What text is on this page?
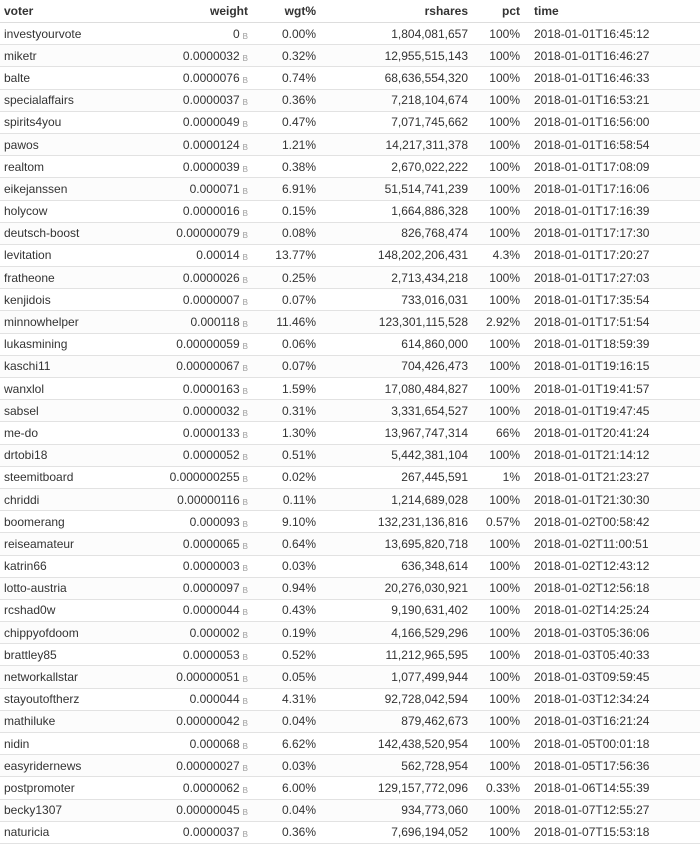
voter	weight		wgt%	rshares	pct	time
investyourvote	0 B		0.00%	1,804,081,657	100%	2018-01-01T16:45:12
miketr	0.0000032 B		0.32%	12,955,515,143	100%	2018-01-01T16:46:27
balte	0.0000076 B		0.74%	68,636,554,320	100%	2018-01-01T16:46:33
specialaffairs	0.0000037 B		0.36%	7,218,104,674	100%	2018-01-01T16:53:21
spirits4you	0.0000049 B		0.47%	7,071,745,662	100%	2018-01-01T16:56:00
pawos	0.0000124 B		1.21%	14,217,311,378	100%	2018-01-01T16:58:54
realtom	0.0000039 B		0.38%	2,670,022,222	100%	2018-01-01T17:08:09
eikejanssen	0.000071 B		6.91%	51,514,741,239	100%	2018-01-01T17:16:06
holycow	0.0000016 B		0.15%	1,664,886,328	100%	2018-01-01T17:16:39
deutsch-boost	0.00000079 B		0.08%	826,768,474	100%	2018-01-01T17:17:30
levitation	0.00014 B		13.77%	148,202,206,431	4.3%	2018-01-01T17:20:27
fratheone	0.0000026 B		0.25%	2,713,434,218	100%	2018-01-01T17:27:03
kenjidois	0.0000007 B		0.07%	733,016,031	100%	2018-01-01T17:35:54
minnowhelper	0.000118 B		11.46%	123,301,115,528	2.92%	2018-01-01T17:51:54
lukasmining	0.00000059 B		0.06%	614,860,000	100%	2018-01-01T18:59:39
kaschi11	0.00000067 B		0.07%	704,426,473	100%	2018-01-01T19:16:15
wanxlol	0.0000163 B		1.59%	17,080,484,827	100%	2018-01-01T19:41:57
sabsel	0.0000032 B		0.31%	3,331,654,527	100%	2018-01-01T19:47:45
me-do	0.0000133 B		1.30%	13,967,747,314	66%	2018-01-01T20:41:24
drtobi18	0.0000052 B		0.51%	5,442,381,104	100%	2018-01-01T21:14:12
steemitboard	0.000000255 B		0.02%	267,445,591	1%	2018-01-01T21:23:27
chriddi	0.00000116 B		0.11%	1,214,689,028	100%	2018-01-01T21:30:30
boomerang	0.000093 B		9.10%	132,231,136,816	0.57%	2018-01-02T00:58:42
reiseamateur	0.0000065 B		0.64%	13,695,820,718	100%	2018-01-02T11:00:51
katrin66	0.0000003 B		0.03%	636,348,614	100%	2018-01-02T12:43:12
lotto-austria	0.0000097 B		0.94%	20,276,030,921	100%	2018-01-02T12:56:18
rcshad0w	0.0000044 B		0.43%	9,190,631,402	100%	2018-01-02T14:25:24
chippyofdoom	0.000002 B		0.19%	4,166,529,296	100%	2018-01-03T05:36:06
brattley85	0.0000053 B		0.52%	11,212,965,595	100%	2018-01-03T05:40:33
networkallstar	0.00000051 B		0.05%	1,077,499,944	100%	2018-01-03T09:59:45
stayoutoftherz	0.000044 B		4.31%	92,728,042,594	100%	2018-01-03T12:34:24
mathiluke	0.00000042 B		0.04%	879,462,673	100%	2018-01-03T16:21:24
nidin	0.000068 B		6.62%	142,438,520,954	100%	2018-01-05T00:01:18
easyridernews	0.00000027 B		0.03%	562,728,954	100%	2018-01-05T17:56:36
postpromoter	0.0000062 B		6.00%	129,157,772,096	0.33%	2018-01-06T14:55:39
becky1307	0.00000045 B		0.04%	934,773,060	100%	2018-01-07T12:55:27
naturicia	0.0000037 B		0.36%	7,696,194,052	100%	2018-01-07T15:53:18
